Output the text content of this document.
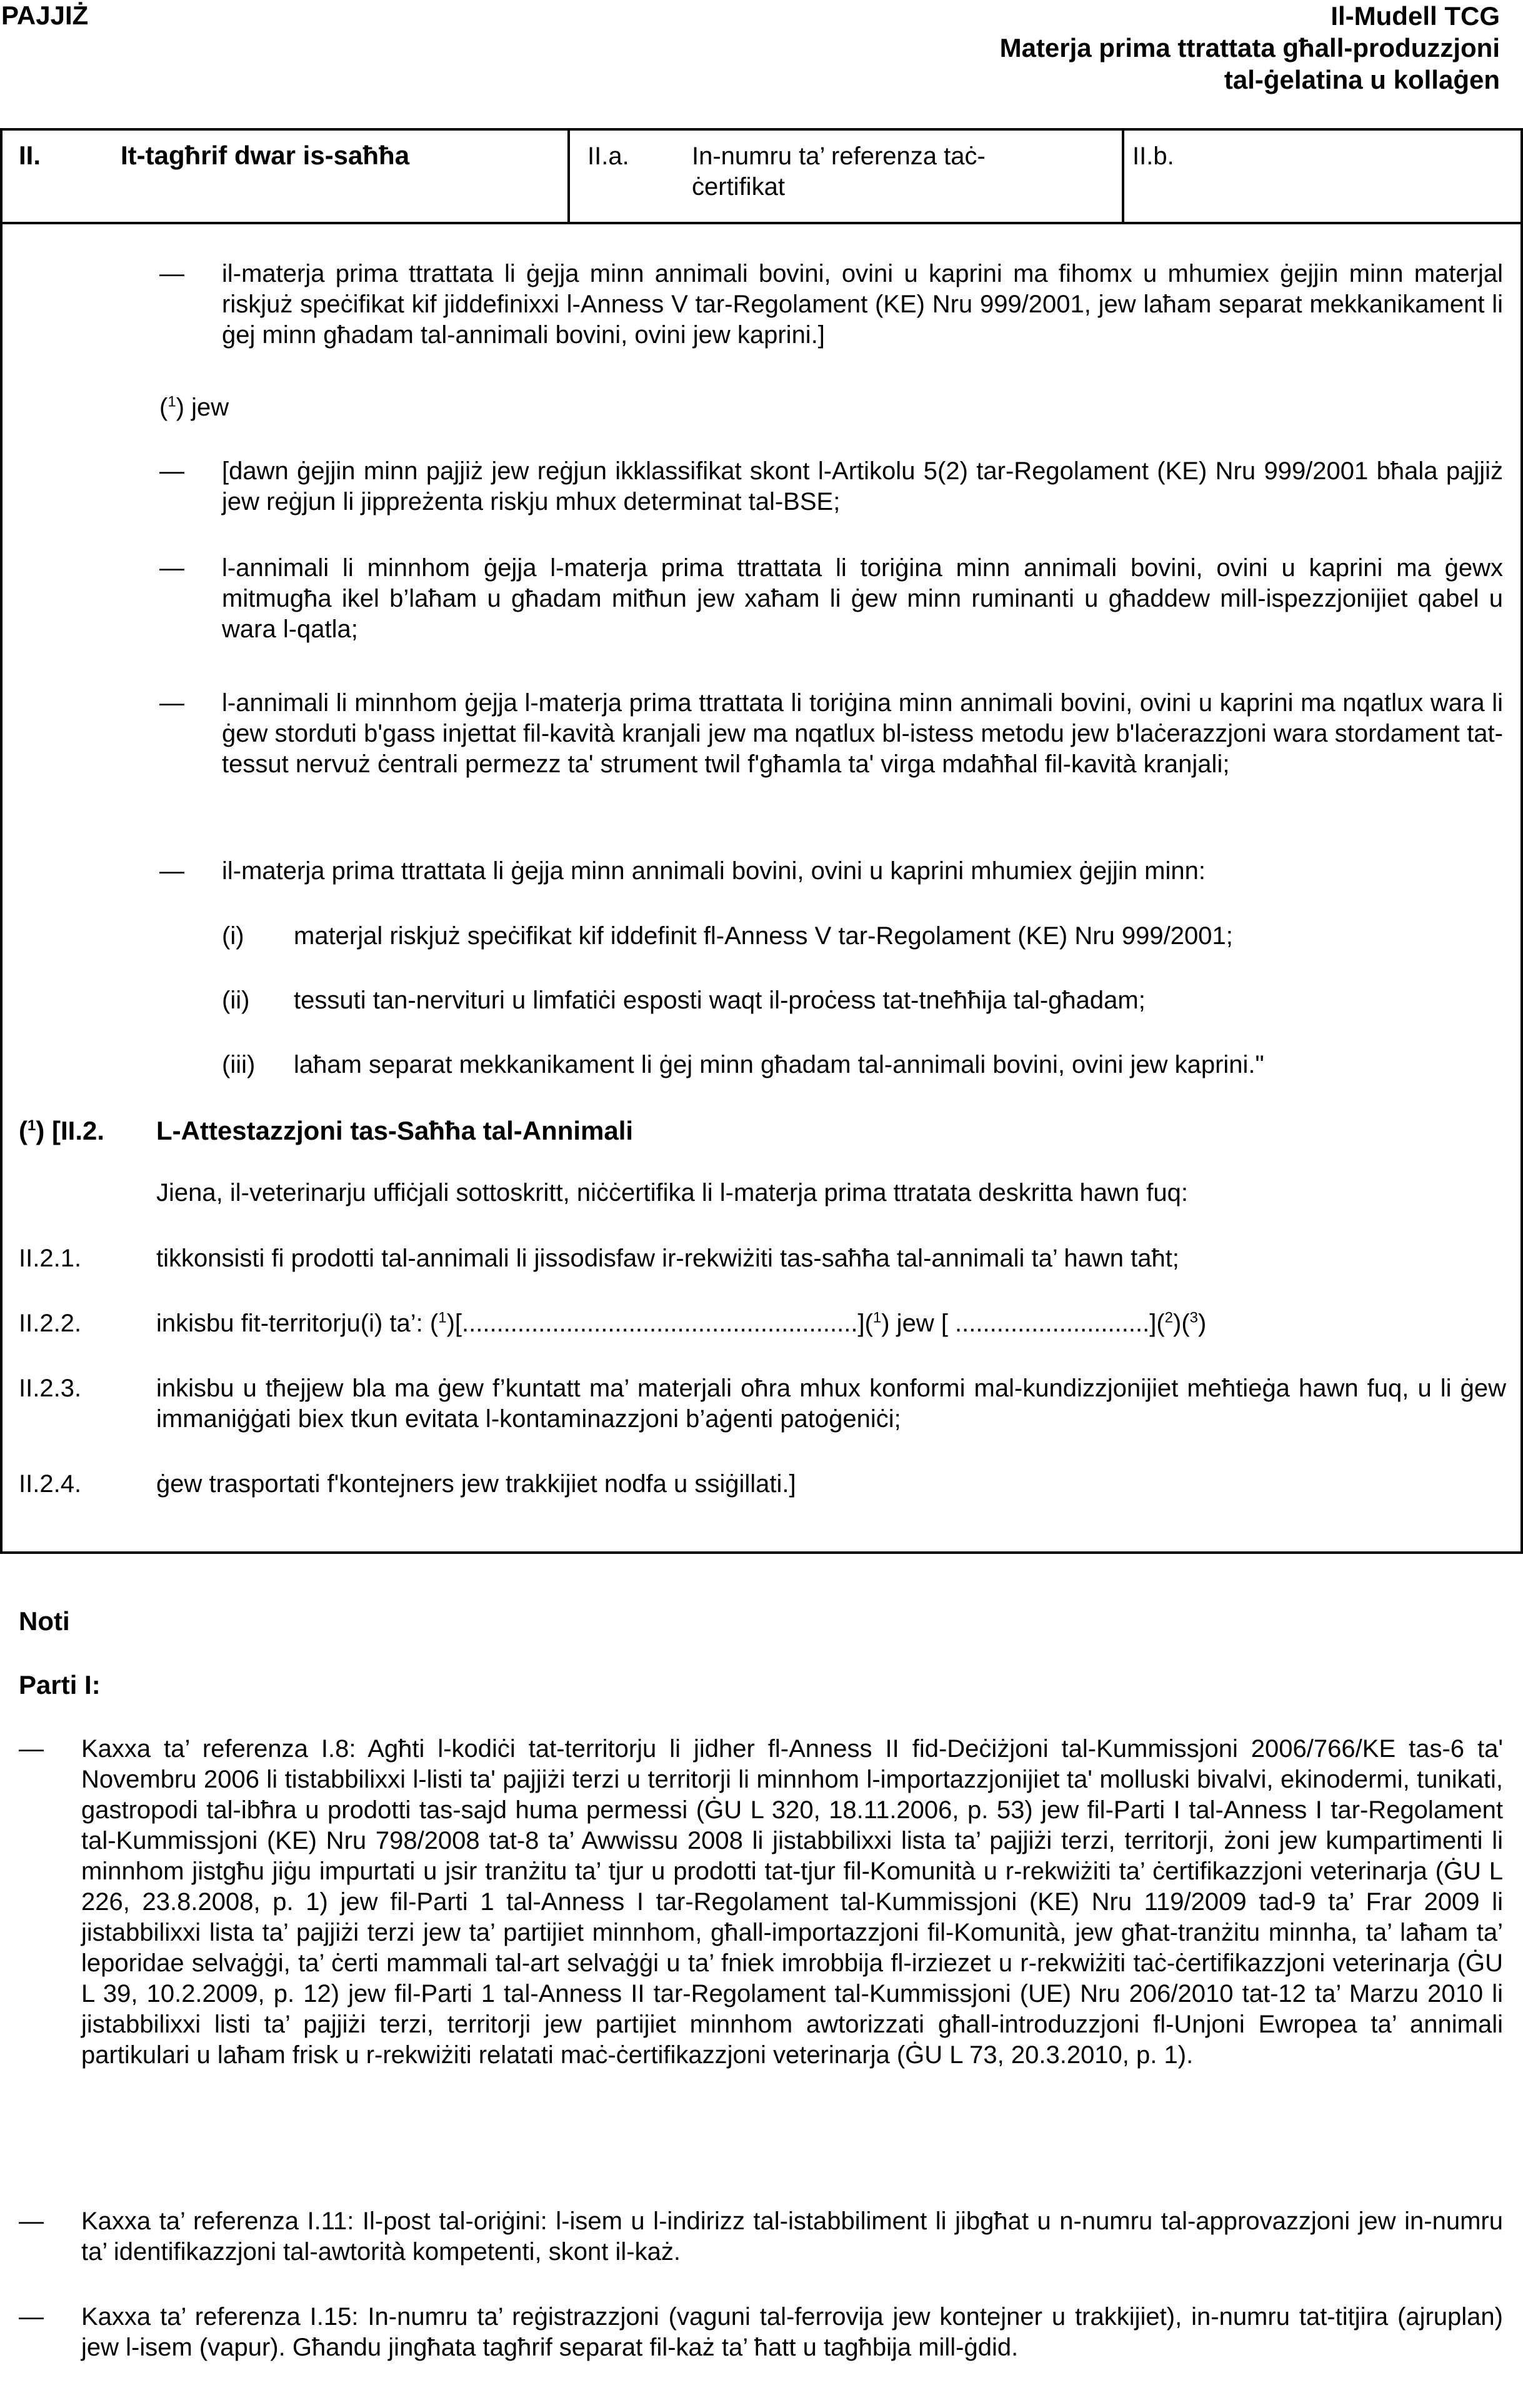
PAJJIŻ	Il-Mudell TCG
Materja prima ttrattata għall-produzzjoni
tal-ġelatina u kollaġen
II.	It-tagħrif dwar is-saħħa	II.a.	In-numru ta’ referenza taċ-
ċertifikat
II.b.
— il-materja prima ttrattata li ġejja minn annimali bovini, ovini u kaprini ma fihomx u mhumiex ġejjin minn materjal riskjuż speċifikat kif jiddefinixxi l-Anness V tar-Regolament (KE) Nru 999/2001, jew laħam separat mekkanikament li ġej minn għadam tal-annimali bovini, ovini jew kaprini.]
($^1$) jew
— [dawn ġejjin minn pajjiż jew reġjun ikklassifikat skont l-Artikolu 5(2) tar-Regolament (KE) Nru 999/2001 bħala pajjiż jew reġjun li jippreżenta riskju mhux determinat tal-BSE;
— l-annimali li minnhom ġejja l-materja prima ttrattata li toriġina minn annimali bovini, ovini u kaprini ma ġewx mitmugħa ikel b’laħam u għadam mitħun jew xaħam li ġew minn ruminanti u għaddew mill-ispezzjonijiet qabel u wara l-qatla;
— l-annimali li minnhom ġejja l-materja prima ttrattata li toriġina minn annimali bovini, ovini u kaprini ma nqatlux wara li ġew storduti b'gass injettat fil-kavità kranjali jew ma nqatlux bl-istess metodu jew b'laċerazzjoni wara stordament tat-tessut nervuż ċentrali permezz ta' strument twil f'għamla ta' virga mdaħħal fil-kavità kranjali;
— il-materja prima ttrattata li ġejja minn annimali bovini, ovini u kaprini mhumiex ġejjin minn:
(i) materjal riskjuż speċifikat kif iddefinit fl-Anness V tar-Regolament (KE) Nru 999/2001;
(ii) tessuti tan-nervituri u limfatiċi esposti waqt il-proċess tat-tneħħija tal-għadam;
(iii) laħam separat mekkanikament li ġej minn għadam tal-annimali bovini, ovini jew kaprini."
($^1$) [II.2. L-Attestazzjoni tas-Saħħa tal-Annimali
Jiena, il-veterinarju uffiċjali sottoskritt, niċċertifika li l-materja prima ttratata deskritta hawn fuq:
II.2.1.	tikkonsisti fi prodotti tal-annimali li jissodisfaw ir-rekwiżiti tas-saħħa tal-annimali ta’ hawn taħt;
II.2.2.	inkisbu fit-territorju(i) ta’: ($^1$)[.........................................................]($^1$) jew [ ............................]($^2$)($^3$)
II.2.3.	inkisbu u tħejjew bla ma ġew f’kuntatt ma’ materjali oħra mhux konformi mal-kundizzjonijiet meħtieġa hawn fuq, u li ġew immaniġġati biex tkun evitata l-kontaminazzjoni b’aġenti patoġeniċi;
II.2.4.	ġew trasportati f'kontejners jew trakkijiet nodfa u ssiġillati.]
Noti
Parti I:
— Kaxxa ta’ referenza I.8: Agħti l-kodiċi tat-territorju li jidher fl-Anness II fid-Deċiżjoni tal-Kummissjoni 2006/766/KE tas-6 ta' Novembru 2006 li tistabbilixxi l-listi ta' pajjiżi terzi u territorji li minnhom l-importazzjonijiet ta' molluski bivalvi, ekinodermi, tunikati, gastropodi tal-ibħra u prodotti tas-sajd huma permessi (ĠU L 320, 18.11.2006, p. 53) jew fil-Parti I tal-Anness I tar-Regolament tal-Kummissjoni (KE) Nru 798/2008 tat-8 ta’ Awwissu 2008 li jistabbilixxi lista ta’ pajjiżi terzi, territorji, żoni jew kumpartimenti li minnhom jistgħu jiġu impurtati u jsir tranżitu ta’ tjur u prodotti tat-tjur fil-Komunità u r-rekwiżiti ta’ ċertifikazzjoni veterinarja (ĠU L 226, 23.8.2008, p. 1) jew fil-Parti 1 tal-Anness I tar-Regolament tal-Kummissjoni (KE) Nru 119/2009 tad-9 ta’ Frar 2009 li jistabbilixxi lista ta’ pajjiżi terzi jew ta’ partijiet minnhom, għall-importazzjoni fil-Komunità, jew għat-tranżitu minnha, ta’ laħam ta’ leporidae selvaġġi, ta’ ċerti mammali tal-art selvaġġi u ta’ fniek imrobbija fl-irziezet u r-rekwiżiti taċ-ċertifikazzjoni veterinarja (ĠU L 39, 10.2.2009, p. 12) jew fil-Parti 1 tal-Anness II tar-Regolament tal-Kummissjoni (UE) Nru 206/2010 tat-12 ta’ Marzu 2010 li jistabbilixxi listi ta’ pajjiżi terzi, territorji jew partijiet minnhom awtorizzati għall-introduzzjoni fl-Unjoni Ewropea ta’ annimali partikulari u laħam frisk u r-rekwiżiti relatati maċ-ċertifikazzjoni veterinarja (ĠU L 73, 20.3.2010, p. 1).
— Kaxxa ta’ referenza I.11: Il-post tal-oriġini: l-isem u l-indirizz tal-istabbiliment li jibgħat u n-numru tal-approvazzjoni jew in-numru ta’ identifikazzjoni tal-awtorità kompetenti, skont il-każ.
— Kaxxa ta’ referenza I.15: In-numru ta’ reġistrazzjoni (vaguni tal-ferrovija jew kontejner u trakkijiet), in-numru tat-titjira (ajruplan) jew l-isem (vapur). Għandu jingħata tagħrif separat fil-każ ta’ ħatt u tagħbija mill-ġdid.
